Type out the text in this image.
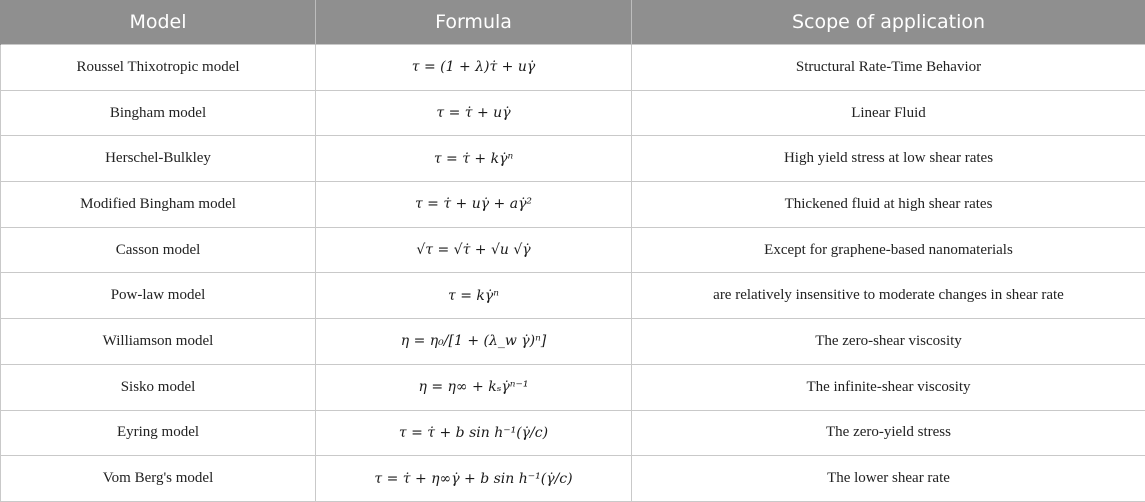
Model	Formula	Scope of application
Roussel Thixotropic model	τ = (1 + λ)τ̇ + uγ̇	Structural Rate-Time Behavior
Bingham model	τ = τ̇ + uγ̇	Linear Fluid
Herschel-Bulkley	τ = τ̇ + kγ̇ⁿ	High yield stress at low shear rates
Modified Bingham model	τ = τ̇ + uγ̇ + aγ̇²	Thickened fluid at high shear rates
Casson model	√τ = √τ̇ + √u √γ̇	Except for graphene-based nanomaterials
Pow-law model	τ = kγ̇ⁿ	are relatively insensitive to moderate changes in shear rate
Williamson model	η = η₀/[1 + (λ_w γ̇)ⁿ]	The zero-shear viscosity
Sisko model	η = η∞ + kₛγ̇ⁿ⁻¹	The infinite-shear viscosity
Eyring model	τ = τ̇ + b sin h⁻¹(γ̇/c)	The zero-yield stress
Vom Berg's model	τ = τ̇ + η∞γ̇ + b sin h⁻¹(γ̇/c)	The lower shear rate
